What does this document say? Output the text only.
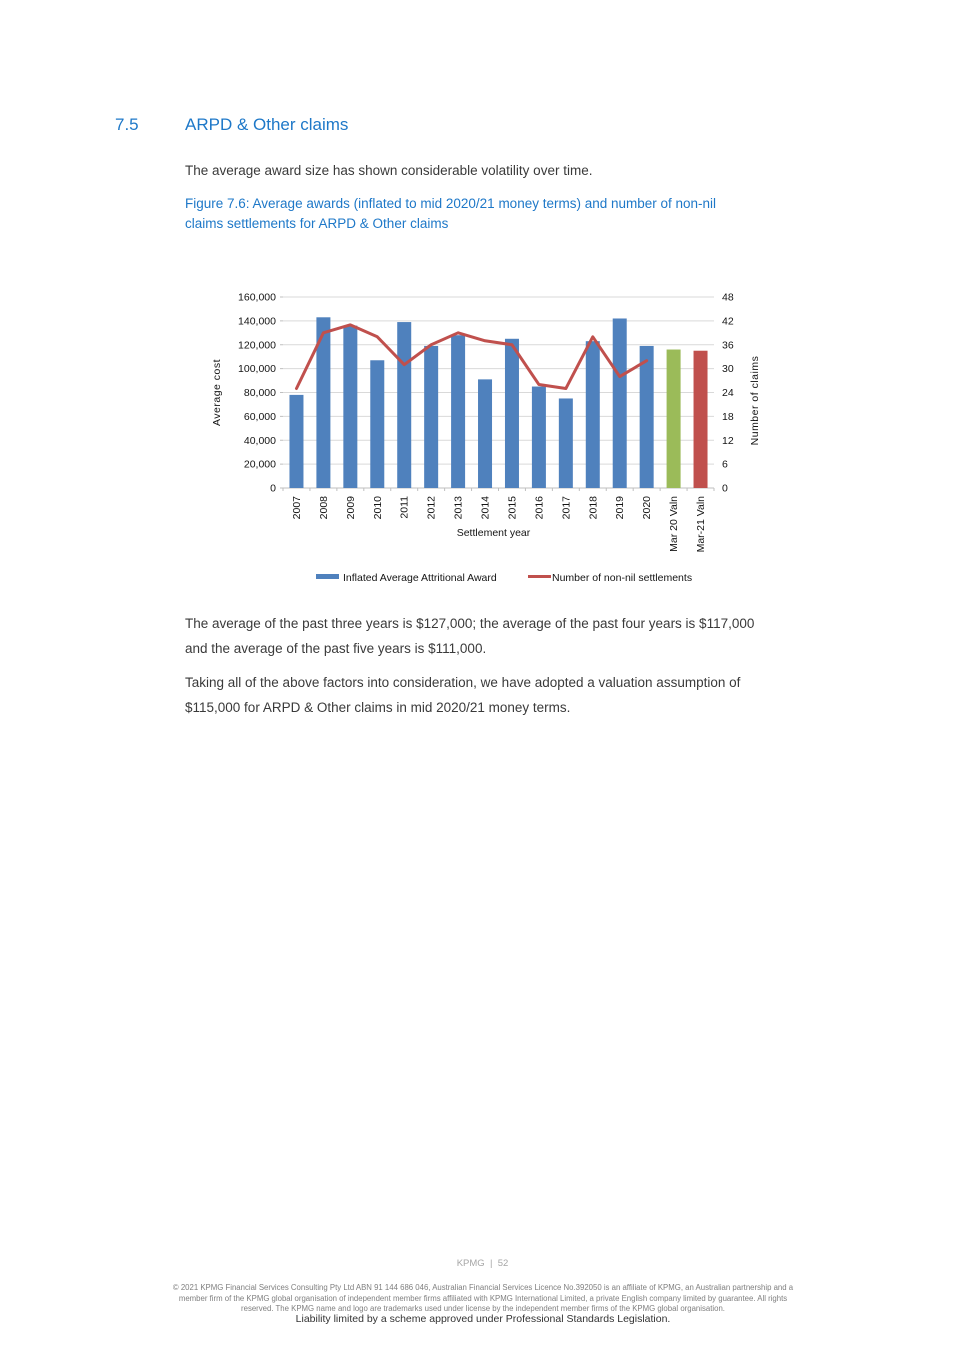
7.5	ARPD & Other claims
The average award size has shown considerable volatility over time.
Figure 7.6: Average awards (inflated to mid 2020/21 money terms) and number of non-nil
claims settlements for ARPD & Other claims
0
20,000
40,000
60,000
80,000
100,000
120,000
140,000
160,000
0
6
12
18
24
30
36
42
48
2007 2008 2009 2010 2011 2012 2013 2014 2015 2016 2017 2018 2019 2020 Mar 20 Valn Mar-21 Valn
Average cost	Number of claims
Settlement year
Inflated Average Attritional Award	Number of non-nil settlements
The average of the past three years is $127,000; the average of the past four years is $117,000
and the average of the past five years is $111,000.
Taking all of the above factors into consideration, we have adopted a valuation assumption of
$115,000 for ARPD & Other claims in mid 2020/21 money terms.
KPMG  |  52
© 2021 KPMG Financial Services Consulting Pty Ltd ABN 91 144 686 046, Australian Financial Services Licence No.392050 is an affiliate of KPMG, an Australian partnership and a
member firm of the KPMG global organisation of independent member firms affiliated with KPMG International Limited, a private English company limited by guarantee. All rights
reserved. The KPMG name and logo are trademarks used under license by the independent member firms of the KPMG global organisation.
Liability limited by a scheme approved under Professional Standards Legislation.
